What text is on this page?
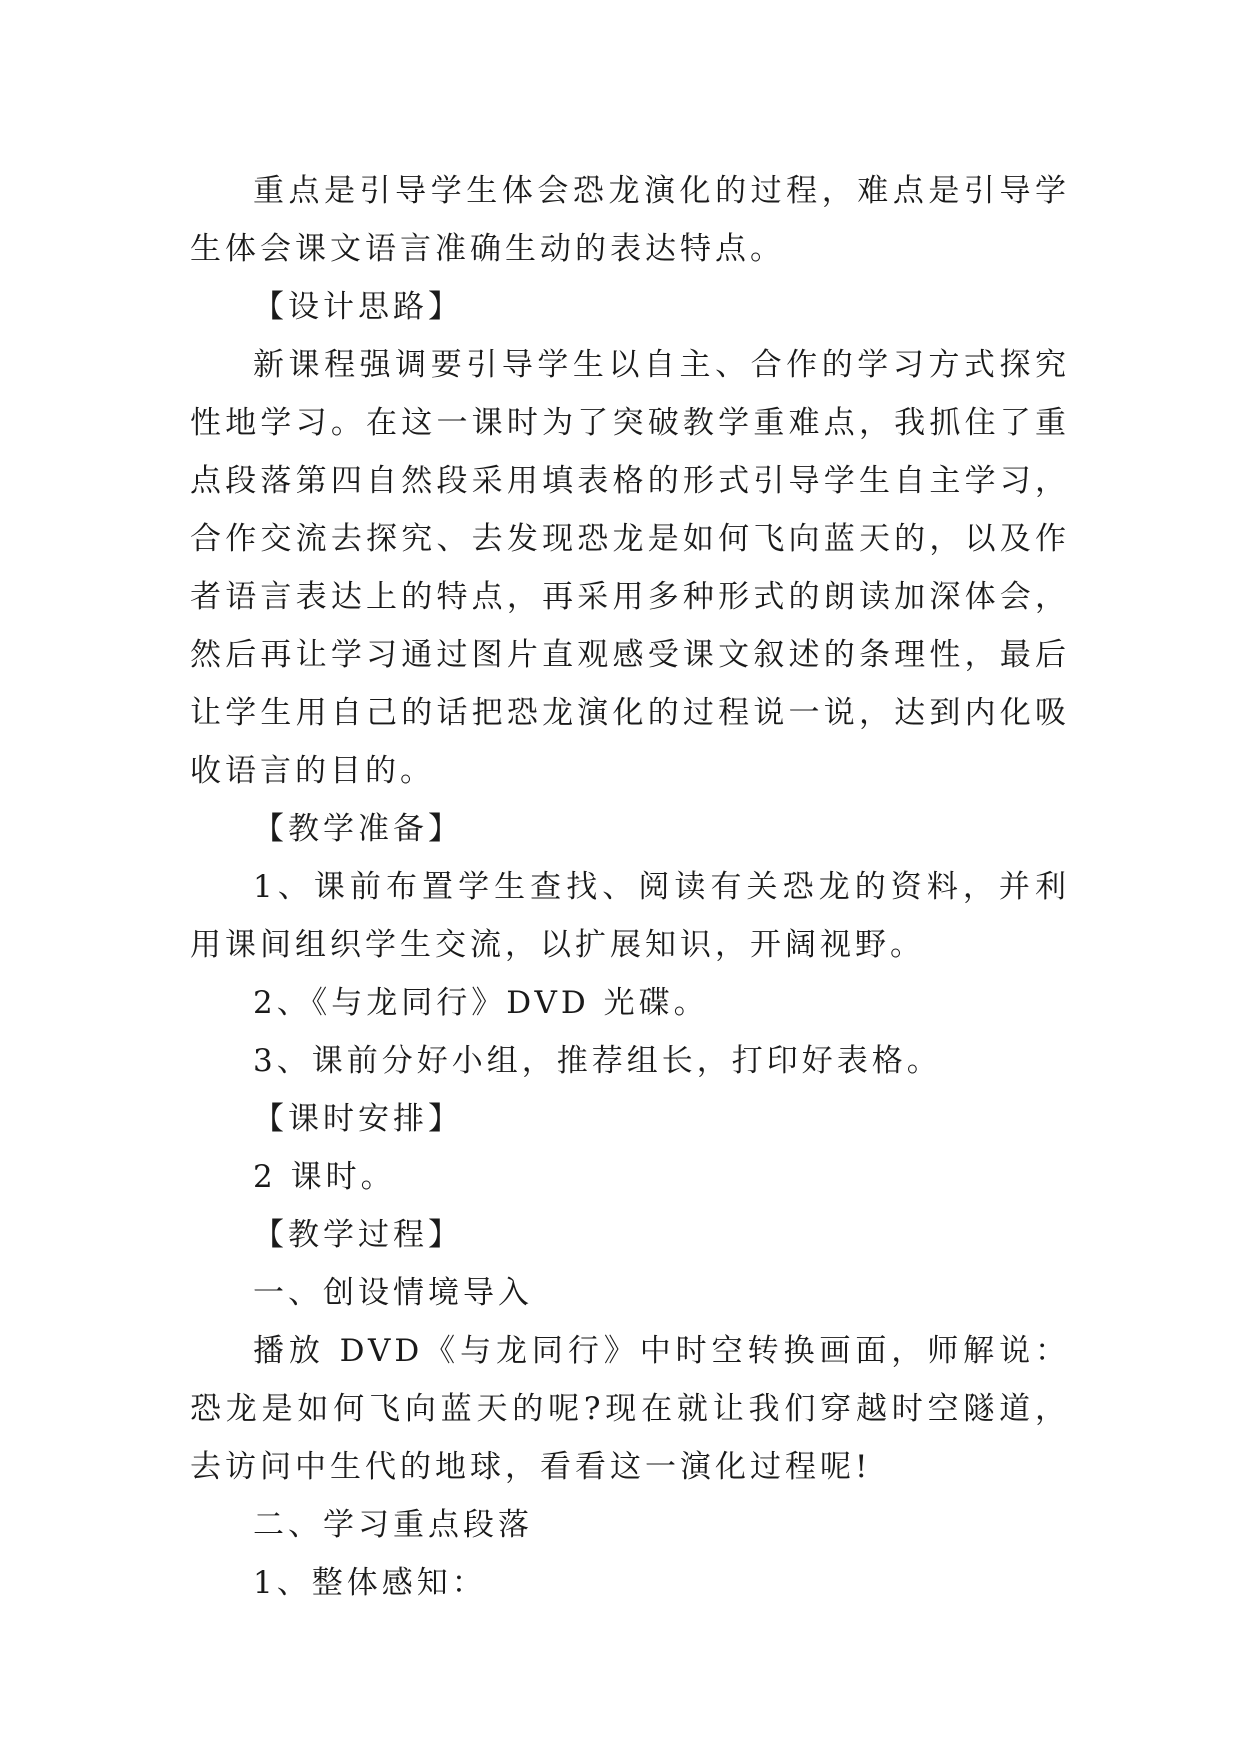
重点是引导学生体会恐龙演化的过程，难点是引导学生体会课文语言准确生动的表达特点。

【设计思路】

新课程强调要引导学生以自主、合作的学习方式探究性地学习。在这一课时为了突破教学重难点，我抓住了重点段落第四自然段采用填表格的形式引导学生自主学习，合作交流去探究、去发现恐龙是如何飞向蓝天的，以及作者语言表达上的特点，再采用多种形式的朗读加深体会，然后再让学习通过图片直观感受课文叙述的条理性，最后让学生用自己的话把恐龙演化的过程说一说，达到内化吸收语言的目的。

【教学准备】

1、课前布置学生查找、阅读有关恐龙的资料，并利用课间组织学生交流，以扩展知识，开阔视野。

2、《与龙同行》DVD 光碟。

3、课前分好小组，推荐组长，打印好表格。

【课时安排】

2 课时。

【教学过程】

一、创设情境导入

播放 DVD《与龙同行》中时空转换画面，师解说：恐龙是如何飞向蓝天的呢?现在就让我们穿越时空隧道，去访问中生代的地球，看看这一演化过程呢!

二、学习重点段落

1、整体感知：
